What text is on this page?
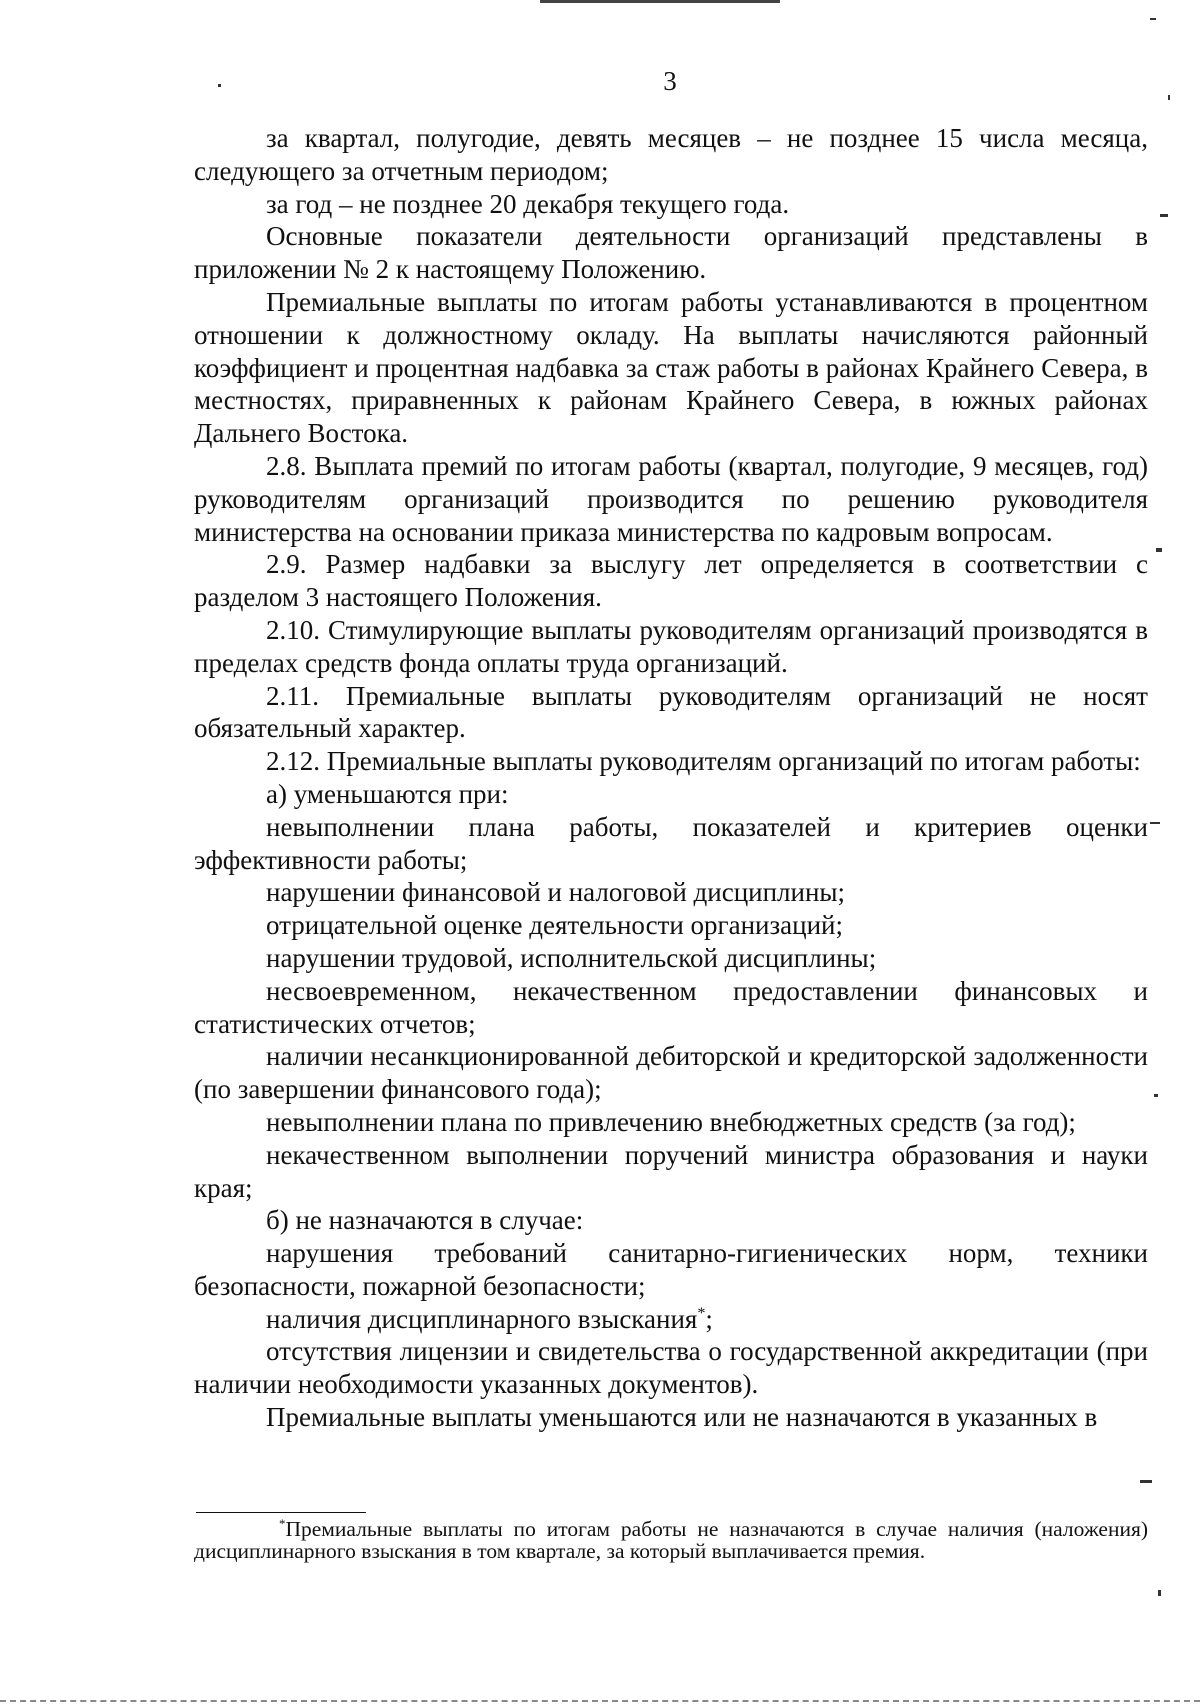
3

за квартал, полугодие, девять месяцев – не позднее 15 числа месяца, следующего за отчетным периодом;

за год – не позднее 20 декабря текущего года.

Основные показатели деятельности организаций представлены в приложении № 2 к настоящему Положению.

Премиальные выплаты по итогам работы устанавливаются в процентном отношении к должностному окладу. На выплаты начисляются районный коэффициент и процентная надбавка за стаж работы в районах Крайнего Севера, в местностях, приравненных к районам Крайнего Севера, в южных районах Дальнего Востока.

2.8. Выплата премий по итогам работы (квартал, полугодие, 9 месяцев, год) руководителям организаций производится по решению руководителя министерства на основании приказа министерства по кадровым вопросам.

2.9. Размер надбавки за выслугу лет определяется в соответствии с разделом 3 настоящего Положения.

2.10. Стимулирующие выплаты руководителям организаций производятся в пределах средств фонда оплаты труда организаций.

2.11. Премиальные выплаты руководителям организаций не носят обязательный характер.

2.12. Премиальные выплаты руководителям организаций по итогам работы:

а) уменьшаются при:

невыполнении плана работы, показателей и критериев оценки эффективности работы;

нарушении финансовой и налоговой дисциплины;

отрицательной оценке деятельности организаций;

нарушении трудовой, исполнительской дисциплины;

несвоевременном, некачественном предоставлении финансовых и статистических отчетов;

наличии несанкционированной дебиторской и кредиторской задолженности (по завершении финансового года);

невыполнении плана по привлечению внебюджетных средств (за год);

некачественном выполнении поручений министра образования и науки края;

б) не назначаются в случае:

нарушения требований санитарно-гигиенических норм, техники безопасности, пожарной безопасности;

наличия дисциплинарного взыскания*;

отсутствия лицензии и свидетельства о государственной аккредитации (при наличии необходимости указанных документов).

Премиальные выплаты уменьшаются или не назначаются в указанных в

*Премиальные выплаты по итогам работы не назначаются в случае наличия (наложения) дисциплинарного взыскания в том квартале, за который выплачивается премия.
